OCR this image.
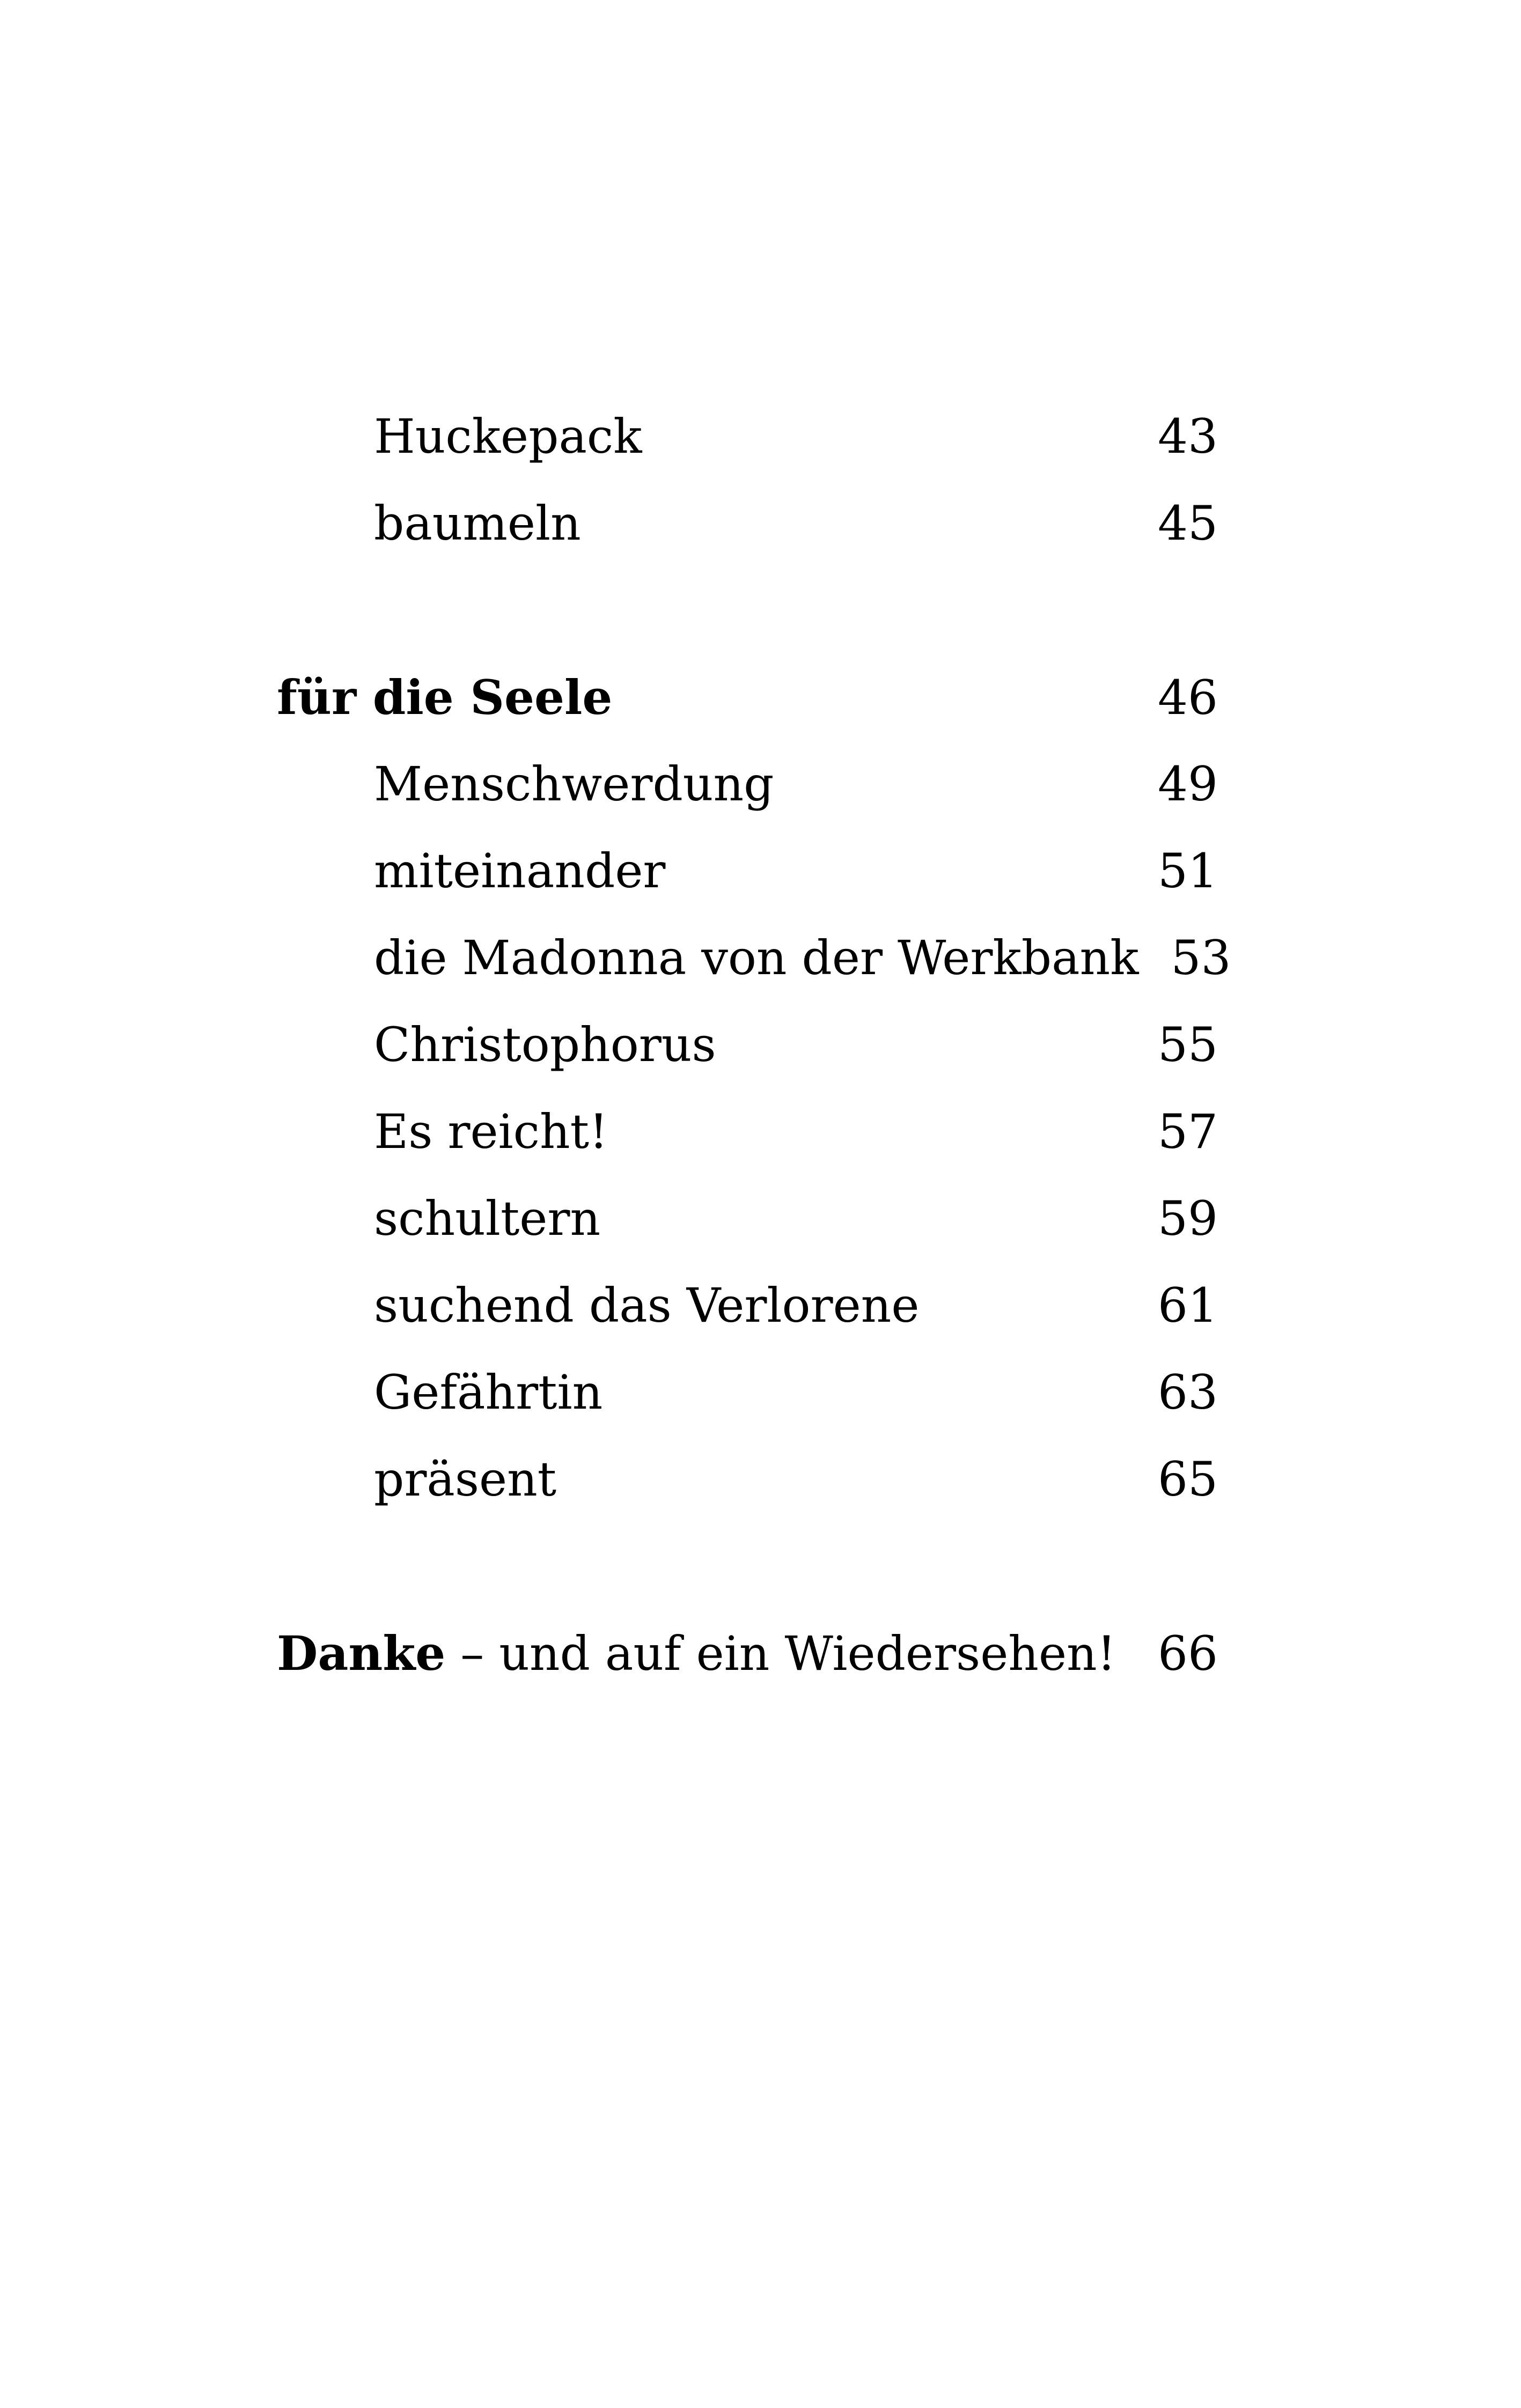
Huckepack	43
baumeln	45
für die Seele	46
Menschwerdung	49
miteinander	51
die Madonna von der Werkbank 53
Christophorus	55
Es reicht!	57
schultern	59
suchend das Verlorene	61
Gefährtin	63
präsent	65
Danke – und auf ein Wiedersehen! 66
